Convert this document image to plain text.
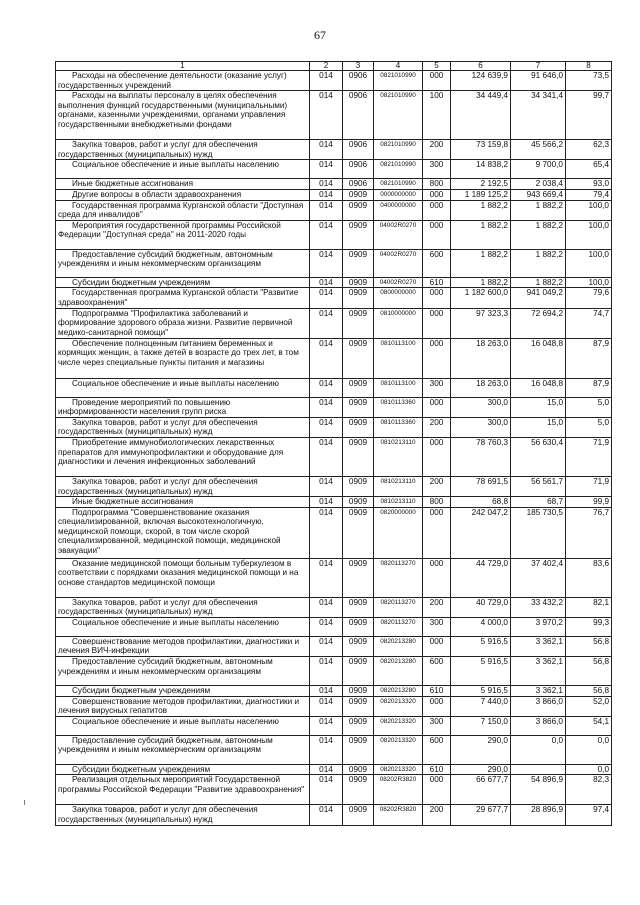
67
1	2	3	4	5	6	7	8
Расходы на обеспечение деятельности (оказание услуг) государственных учреждений	014	0906	0821010990	000	124 639,9	91 646,0	73,5
Расходы на выплаты персоналу в целях обеспечения выполнения функций государственными (муниципальными) органами, казенными учреждениями, органами управления государственными внебюджетными фондами	014	0906	0821010990	100	34 449,4	34 341,4	99,7
Закупка товаров, работ и услуг для обеспечения государственных (муниципальных) нужд	014	0906	0821010990	200	73 159,8	45 566,2	62,3
Социальное обеспечение и иные выплаты населению	014	0906	0821010990	300	14 838,2	9 700,0	65,4
Иные бюджетные ассигнования	014	0906	0821010990	800	2 192,5	2 038,4	93,0
Другие вопросы в области здравоохранения	014	0909	0000000000	000	1 189 125,2	943 669,4	79,4
Государственная программа Курганской области "Доступная среда для инвалидов"	014	0909	0400000000	000	1 882,2	1 882,2	100,0
Мероприятия государственной программы Российской Федерации "Доступная среда" на 2011-2020 годы	014	0909	04002R0270	000	1 882,2	1 882,2	100,0
Предоставление субсидий бюджетным, автономным учреждениям и иным некоммерческим организациям	014	0909	04002R0270	600	1 882,2	1 882,2	100,0
Субсидии бюджетным учреждениям	014	0909	04002R0270	610	1 882,2	1 882,2	100,0
Государственная программа Курганской области "Развитие здравоохранения"	014	0909	0800000000	000	1 182 600,0	941 049,2	79,6
Подпрограмма "Профилактика заболеваний и формирование здорового образа жизни. Развитие первичной медико-санитарной помощи"	014	0909	0810000000	000	97 323,3	72 694,2	74,7
Обеспечение полноценным питанием беременных и кормящих женщин, а также детей в возрасте до трех лет, в том числе через специальные пункты питания и магазины	014	0909	0810113100	000	18 263,0	16 048,8	87,9
Социальное обеспечение и иные выплаты населению	014	0909	0810113100	300	18 263,0	16 048,8	87,9
Проведение мероприятий по повышению информированности населения групп риска	014	0909	0810113360	000	300,0	15,0	5,0
Закупка товаров, работ и услуг для обеспечения государственных (муниципальных) нужд	014	0909	0810113360	200	300,0	15,0	5,0
Приобретение иммунобиологических лекарственных препаратов для иммунопрофилактики и оборудование для диагностики и лечения инфекционных заболеваний	014	0909	0810213110	000	78 760,3	56 630,4	71,9
Закупка товаров, работ и услуг для обеспечения государственных (муниципальных) нужд	014	0909	0810213110	200	78 691,5	56 561,7	71,9
Иные бюджетные ассигнования	014	0909	0810213110	800	68,8	68,7	99,9
Подпрограмма "Совершенствование оказания специализированной, включая высокотехнологичную, медицинской помощи, скорой, в том числе скорой специализированной, медицинской помощи, медицинской эвакуации"	014	0909	0820000000	000	242 047,2	185 730,5	76,7
Оказание медицинской помощи больным туберкулезом в соответствии с порядками оказания медицинской помощи и на основе стандартов медицинской помощи	014	0909	0820113270	000	44 729,0	37 402,4	83,6
Закупка товаров, работ и услуг для обеспечения государственных (муниципальных) нужд	014	0909	0820113270	200	40 729,0	33 432,2	82,1
Социальное обеспечение и иные выплаты населению	014	0909	0820113270	300	4 000,0	3 970,2	99,3
Совершенствование методов профилактики, диагностики и лечения ВИЧ-инфекции	014	0909	0820213280	000	5 916,5	3 362,1	56,8
Предоставление субсидий бюджетным, автономным учреждениям и иным некоммерческим организациям	014	0909	0820213280	600	5 916,5	3 362,1	56,8
Субсидии бюджетным учреждениям	014	0909	0820213280	610	5 916,5	3 362,1	56,8
Совершенствование методов профилактики, диагностики и лечения вирусных гепатитов	014	0909	0820213320	000	7 440,0	3 866,0	52,0
Социальное обеспечение и иные выплаты населению	014	0909	0820213320	300	7 150,0	3 866,0	54,1
Предоставление субсидий бюджетным, автономным учреждениям и иным некоммерческим организациям	014	0909	0820213320	600	290,0	0,0	0,0
Субсидии бюджетным учреждениям	014	0909	0820213320	610	290,0		0,0
Реализация отдельных мероприятий Государственной программы Российской Федерации "Развитие здравоохранения"	014	0909	08202R3820	000	66 677,7	54 896,9	82,3
Закупка товаров, работ и услуг для обеспечения государственных (муниципальных) нужд	014	0909	08202R3820	200	29 677,7	28 896,9	97,4
